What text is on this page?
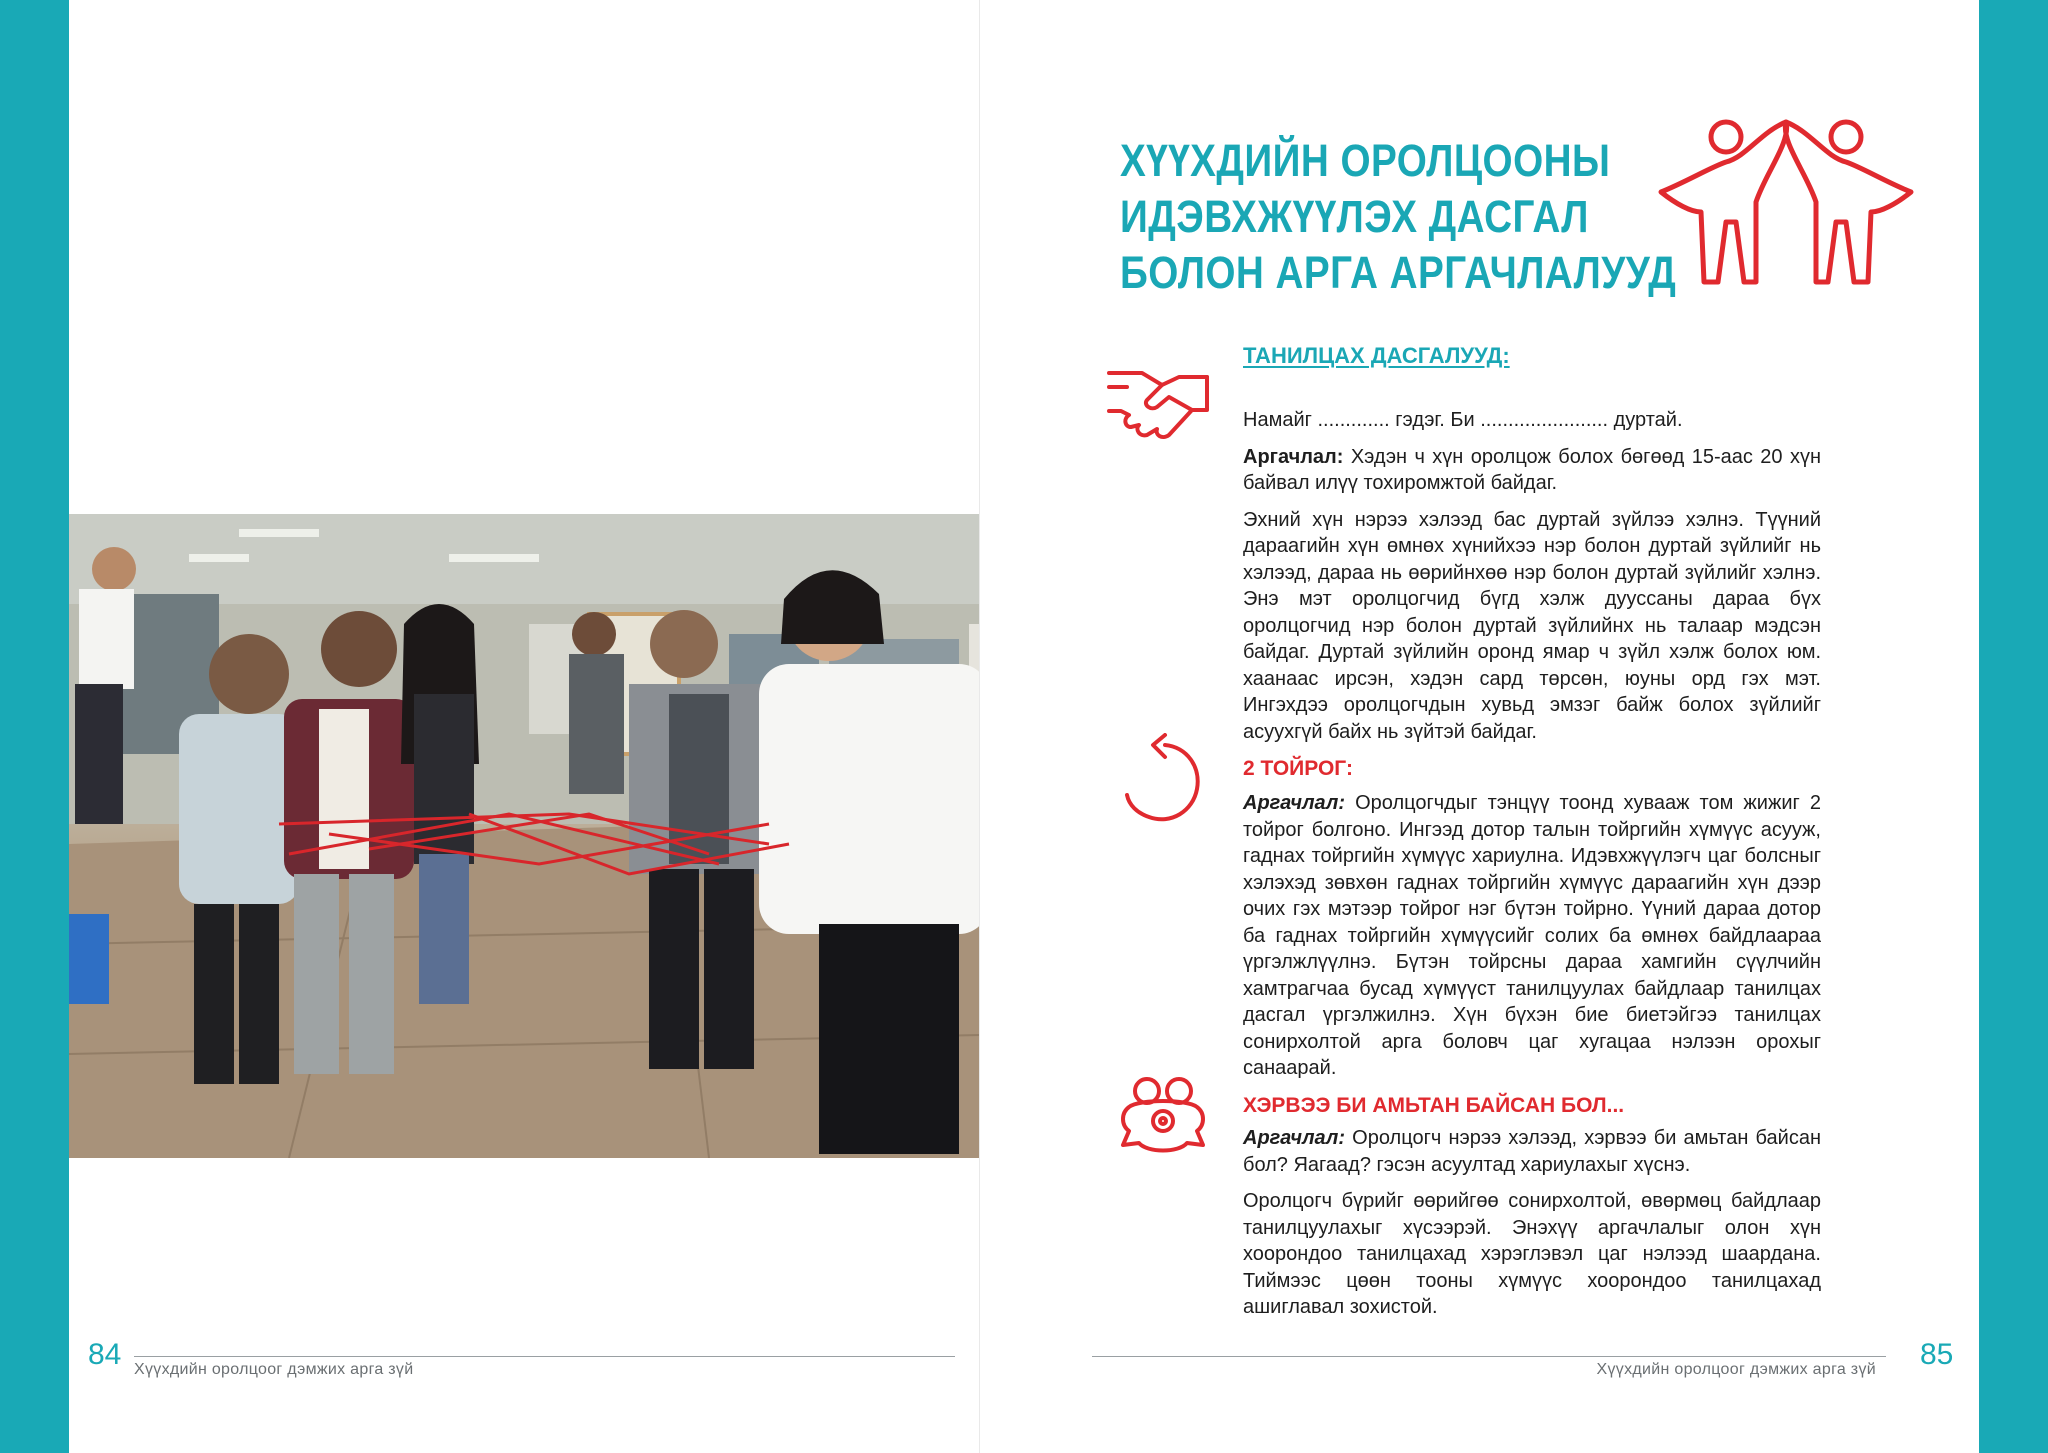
84 Хүүхдийн оролцоог дэмжих арга зүй
ХҮҮХДИЙН ОРОЛЦООНЫ
ИДЭВХЖҮҮЛЭХ ДАСГАЛ
БОЛОН АРГА АРГАЧЛАЛУУД

ТАНИЛЦАХ ДАСГАЛУУД:

Намайг ............. гэдэг. Би ....................... дуртай.

Аргачлал: Хэдэн ч хүн оролцож болох бөгөөд 15-аас 20 хүн байвал илүү тохиромжтой байдаг.

Эхний хүн нэрээ хэлээд бас дуртай зүйлээ хэлнэ. Түүний дараагийн хүн өмнөх хүнийхээ нэр болон дуртай зүйлийг нь хэлээд, дараа нь өөрийнхөө нэр болон дуртай зүйлийг хэлнэ. Энэ мэт оролцогчид бүгд хэлж дууссаны дараа бүх оролцогчид нэр болон дуртай зүйлийнх нь талаар мэдсэн байдаг. Дуртай зүйлийн оронд ямар ч зүйл хэлж болох юм. хаанаас ирсэн, хэдэн сард төрсөн, юуны орд гэх мэт. Ингэхдээ оролцогчдын хувьд эмзэг байж болох зүйлийг асуухгүй байх нь зүйтэй байдаг.

2 ТОЙРОГ:

Аргачлал: Оролцогчдыг тэнцүү тоонд хувааж том жижиг 2 тойрог болгоно. Ингээд дотор талын тойргийн хүмүүс асууж, гаднах тойргийн хүмүүс хариулна. Идэвхжүүлэгч цаг болсныг хэлэхэд зөвхөн гаднах тойргийн хүмүүс дараагийн хүн дээр очих гэх мэтээр тойрог нэг бүтэн тойрно. Үүний дараа дотор ба гаднах тойргийн хүмүүсийг солих ба өмнөх байдлаараа үргэлжлүүлнэ. Бүтэн тойрсны дараа хамгийн сүүлчийн хамтрагчаа бусад хүмүүст танилцуулах байдлаар танилцах дасгал үргэлжилнэ. Хүн бүхэн бие биетэйгээ танилцах сонирхолтой арга боловч цаг хугацаа нэлээн орохыг санаарай.

ХЭРВЭЭ БИ АМЬТАН БАЙСАН БОЛ...

Аргачлал: Оролцогч нэрээ хэлээд, хэрвээ би амьтан байсан бол? Яагаад? гэсэн асуултад хариулахыг хүснэ.

Оролцогч бүрийг өөрийгөө сонирхолтой, өвөрмөц байдлаар танилцуулахыг хүсээрэй. Энэхүү аргачлалыг олон хүн хоорондоо танилцахад хэрэглэвэл цаг нэлээд шаардана. Тиймээс цөөн тооны хүмүүс хоорондоо танилцахад ашиглавал зохистой.

Хүүхдийн оролцоог дэмжих арга зүй 85
